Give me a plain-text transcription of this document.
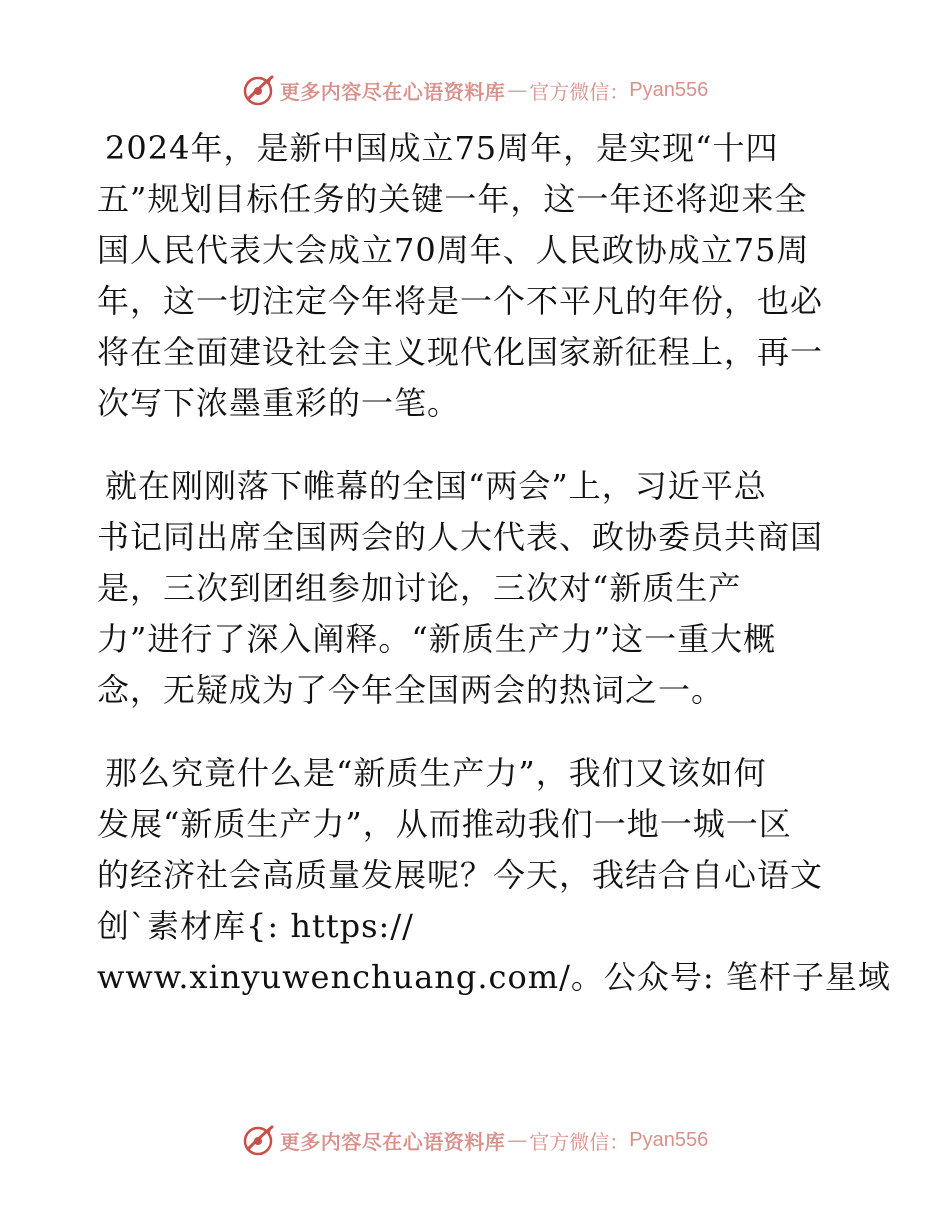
更多内容尽在心语资料库 — 官方微信： Pyan556

2024年，是新中国成立75周年，是实现“十四
五”规划目标任务的关键一年，这一年还将迎来全
国人民代表大会成立70周年、人民政协成立75周
年，这一切注定今年将是一个不平凡的年份，也必
将在全面建设社会主义现代化国家新征程上，再一
次写下浓墨重彩的一笔。

就在刚刚落下帷幕的全国“两会”上，习近平总
书记同出席全国两会的人大代表、政协委员共商国
是，三次到团组参加讨论，三次对“新质生产
力”进行了深入阐释。“新质生产力”这一重大概
念，无疑成为了今年全国两会的热词之一。

那么究竟什么是“新质生产力”，我们又该如何
发展“新质生产力”，从而推动我们一地一城一区
的经济社会高质量发展呢？今天，我结合自心语文
创`素材库{: https://
www.xinyuwenchuang.com/。公众号: 笔杆子星域

更多内容尽在心语资料库 — 官方微信： Pyan556
